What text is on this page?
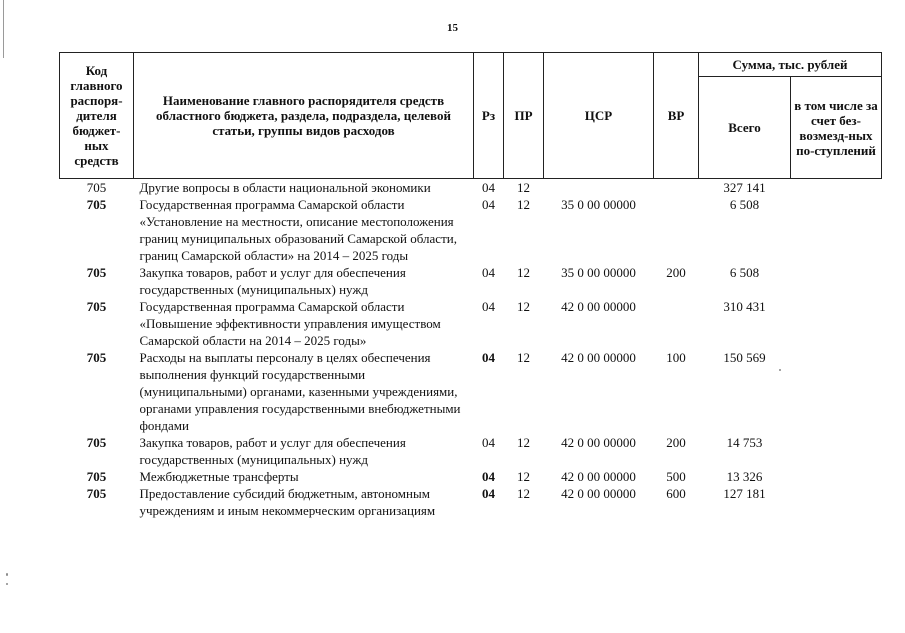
15
Код главного распоря-дителя бюджет-ных средств	Наименование главного распорядителя средств областного бюджета, раздела, подраздела, целевой статьи, группы видов расходов	Рз	ПР	ЦСР	ВР	Сумма, тыс. рублей	
						Всего	в том числе за счет без-возмезд-ных по-ступлений
705	Другие вопросы в области национальной экономики	04	12			327 141	
705	Государственная программа Самарской области «Установление на местности, описание местоположения границ муниципальных образований Самарской области, границ Самарской области» на 2014 – 2025 годы	04	12	35 0 00 00000		6 508	
705	Закупка товаров, работ и услуг для обеспечения государственных (муниципальных) нужд	04	12	35 0 00 00000	200	6 508	
705	Государственная программа Самарской области «Повышение эффективности управления имуществом Самарской области на 2014 – 2025 годы»	04	12	42 0 00 00000		310 431	
705	Расходы на выплаты персоналу в целях обеспечения выполнения функций государственными (муниципальными) органами, казенными учреждениями, органами управления государственными внебюджетными фондами	04	12	42 0 00 00000	100	150 569	
705	Закупка товаров, работ и услуг для обеспечения государственных (муниципальных) нужд	04	12	42 0 00 00000	200	14 753	
705	Межбюджетные трансферты	04	12	42 0 00 00000	500	13 326	
705	Предоставление субсидий бюджетным, автономным учреждениям и иным некоммерческим организациям	04	12	42 0 00 00000	600	127 181	
